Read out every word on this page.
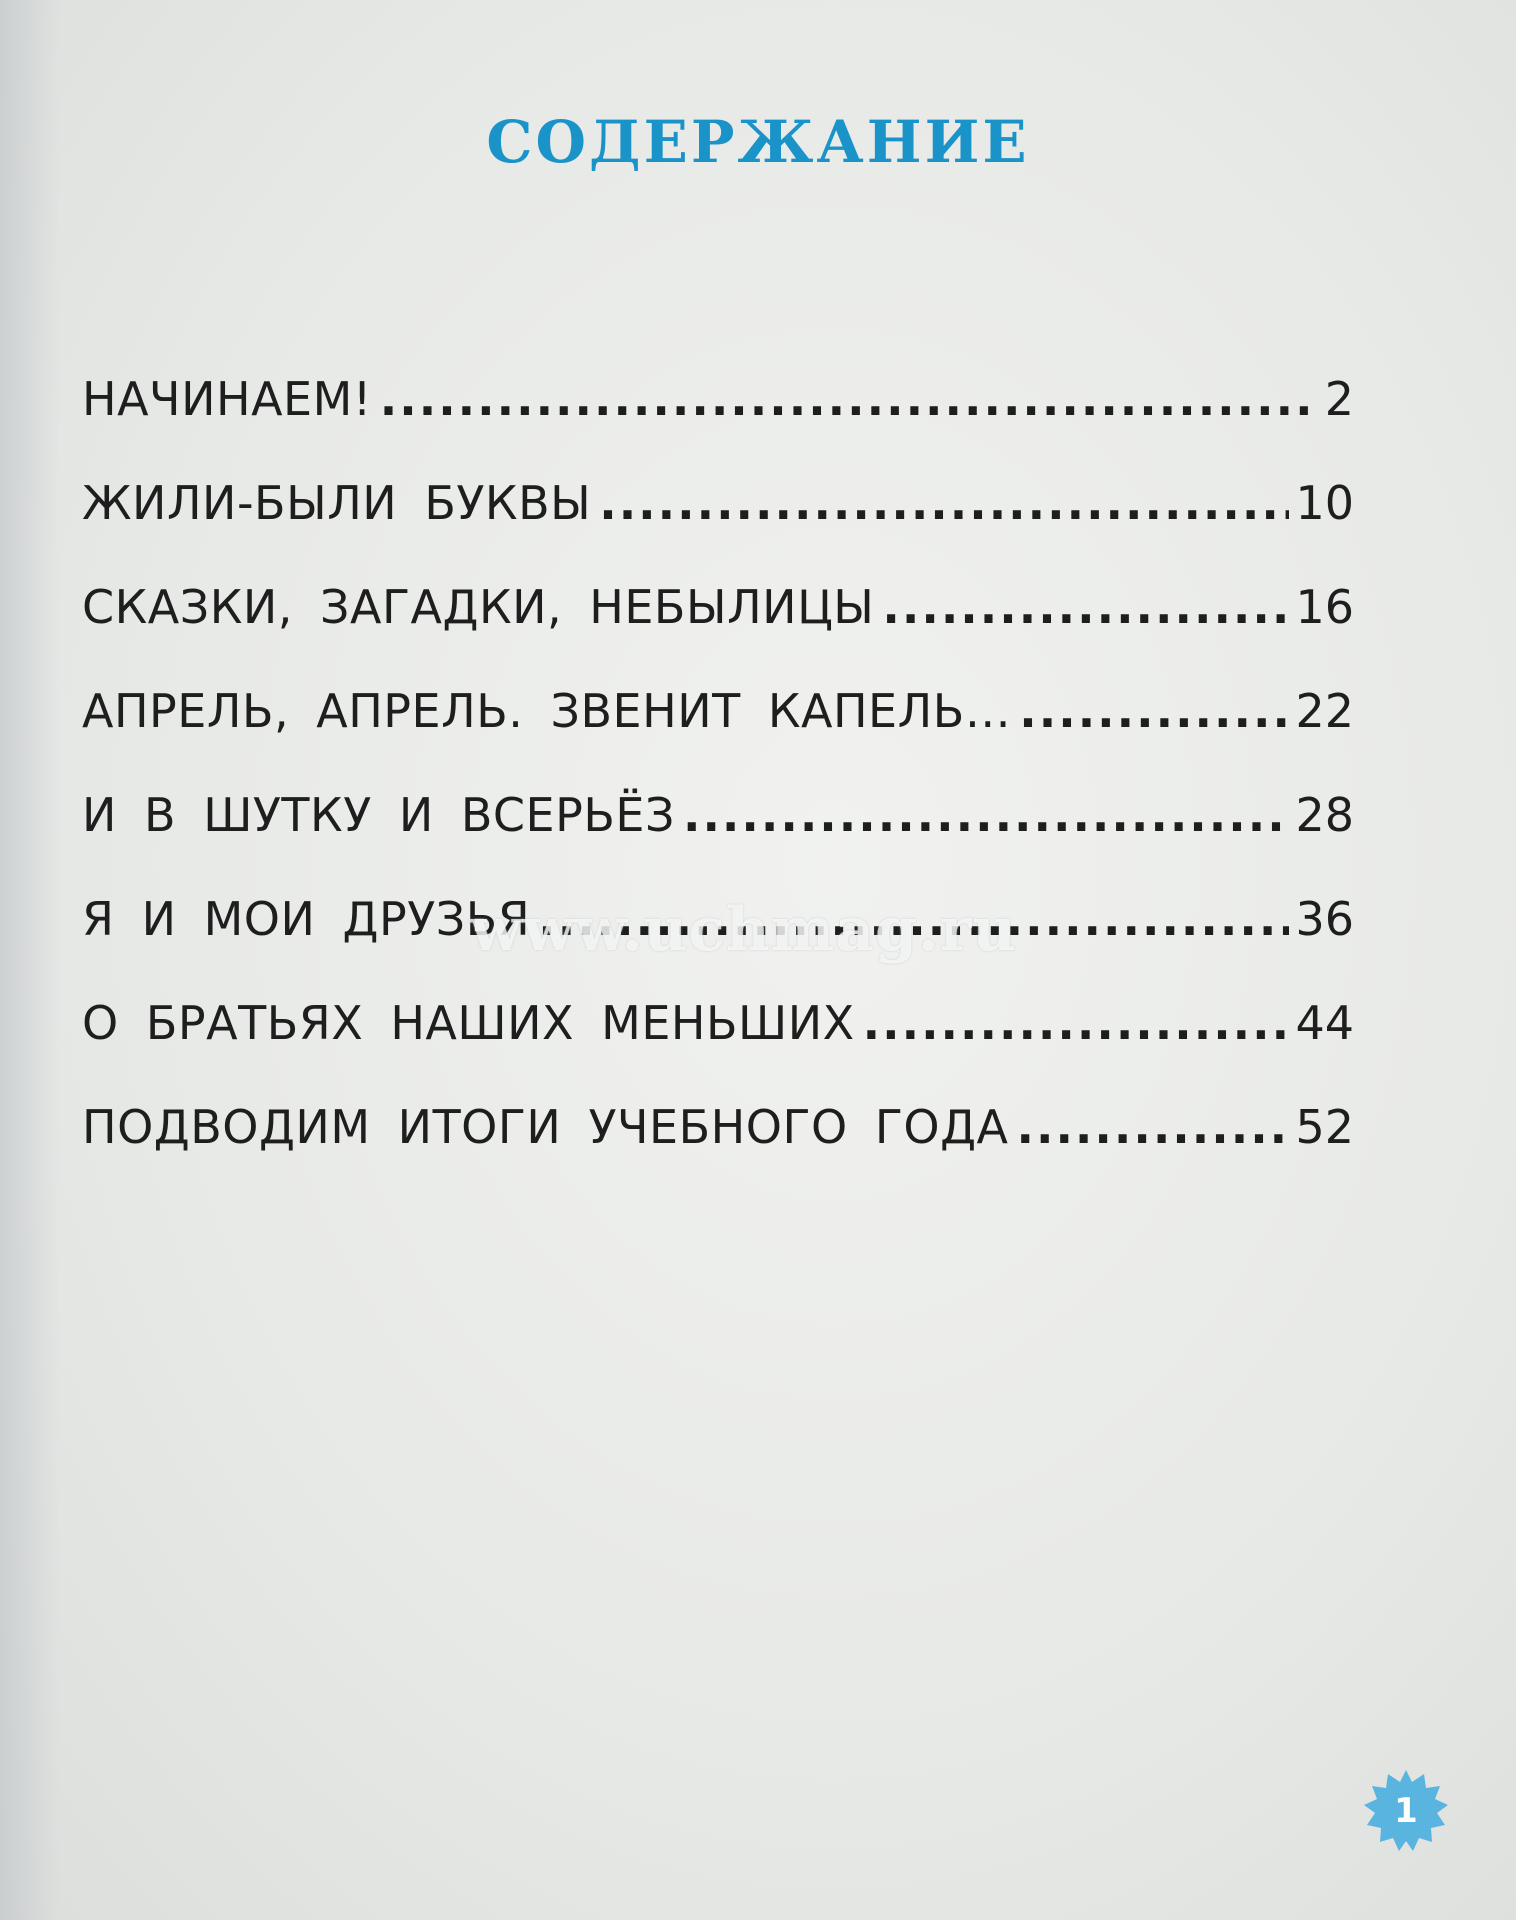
СОДЕРЖАНИЕ
НАЧИНАЕМ! .....	2
ЖИЛИ-БЫЛИ БУКВЫ .....	10
СКАЗКИ, ЗАГАДКИ, НЕБЫЛИЦЫ .....	16
АПРЕЛЬ, АПРЕЛЬ. ЗВЕНИТ КАПЕЛЬ… .....	22
И В ШУТКУ И ВСЕРЬЁЗ .....	28
Я И МОИ ДРУЗЬЯ .....	36
О БРАТЬЯХ НАШИХ МЕНЬШИХ .....	44
ПОДВОДИМ ИТОГИ УЧЕБНОГО ГОДА .....	52
www.uchmag.ru
1
